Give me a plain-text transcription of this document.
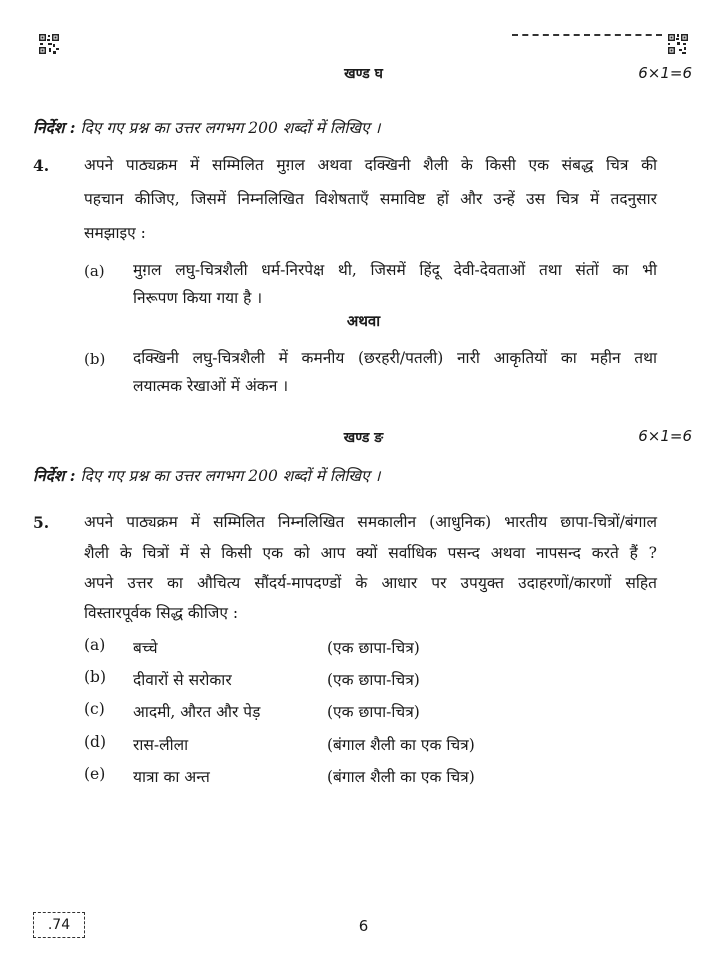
खण्ड घ	6×1=6
निर्देश : दिए गए प्रश्न का उत्तर लगभग 200 शब्दों में लिखिए ।
4. अपने पाठ्यक्रम में सम्मिलित मुग़ल अथवा दक्खिनी शैली के किसी एक संबद्ध चित्र की
पहचान कीजिए, जिसमें निम्नलिखित विशेषताएँ समाविष्ट हों और उन्हें उस चित्र में तदनुसार
समझाइए :
(a) मुग़ल लघु-चित्रशैली धर्म-निरपेक्ष थी, जिसमें हिंदू देवी-देवताओं तथा संतों का भी
निरूपण किया गया है ।
अथवा
(b) दक्खिनी लघु-चित्रशैली में कमनीय (छरहरी/पतली) नारी आकृतियों का महीन तथा
लयात्मक रेखाओं में अंकन ।
खण्ड ङ	6×1=6
निर्देश : दिए गए प्रश्न का उत्तर लगभग 200 शब्दों में लिखिए ।
5. अपने पाठ्यक्रम में सम्मिलित निम्नलिखित समकालीन (आधुनिक) भारतीय छापा-चित्रों/बंगाल
शैली के चित्रों में से किसी एक को आप क्यों सर्वाधिक पसन्द अथवा नापसन्द करते हैं ?
अपने उत्तर का औचित्य सौंदर्य-मापदण्डों के आधार पर उपयुक्त उदाहरणों/कारणों सहित
विस्तारपूर्वक सिद्ध कीजिए :
(a) बच्चे	(एक छापा-चित्र)
(b) दीवारों से सरोकार	(एक छापा-चित्र)
(c) आदमी, औरत और पेड़	(एक छापा-चित्र)
(d) रास-लीला	(बंगाल शैली का एक चित्र)
(e) यात्रा का अन्त	(बंगाल शैली का एक चित्र)
.74	6
